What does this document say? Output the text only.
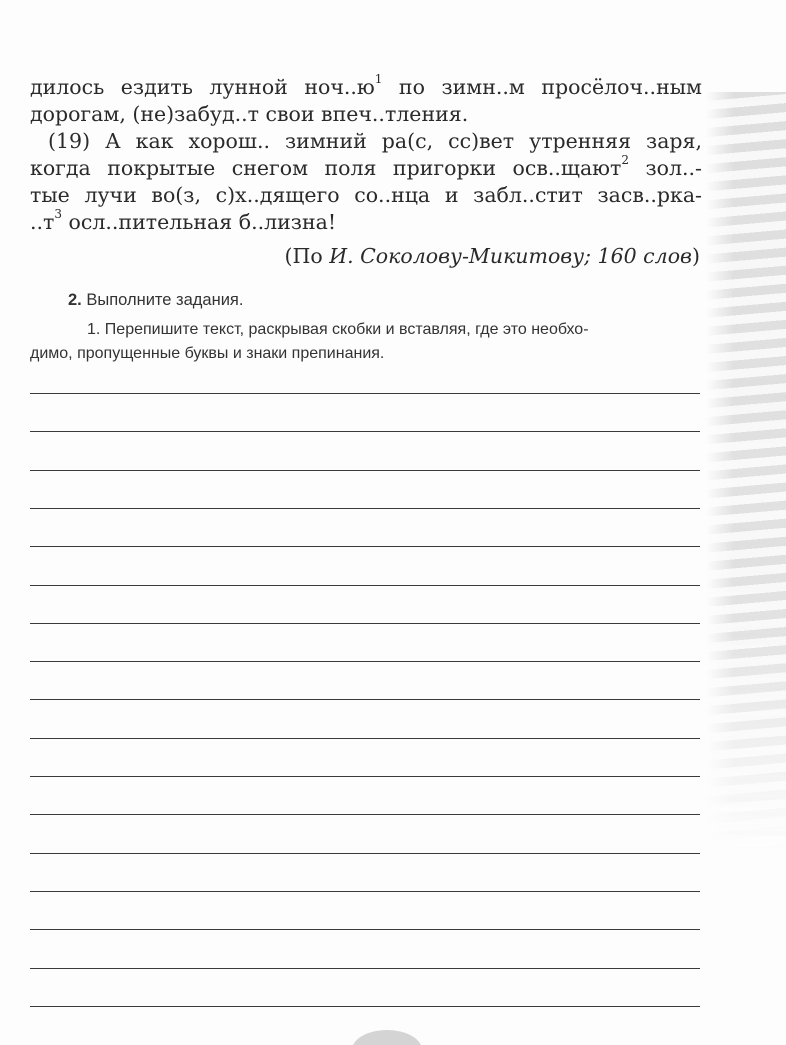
дилось ездить лунной $ноч..ю^1$ по зимн..м просёлоч..ным
дорогам, (не)забуд..т свои впеч..тления.
(19) А как хорош.. зимний ра(с, сс)вет утренняя заря,
когда покрытые снегом поля пригорки осв..щают$^2$ зол..-
тые лучи во(з, с)х..дящего со..нца и забл..стит засв..рка-
$..т^3$ осл..пительная б..лизна!
(По И. Соколову-Микитову; 160 слов)
2. Выполните задания.
1. Перепишите текст, раскрывая скобки и вставляя, где это необхо-
димо, пропущенные буквы и знаки препинания.
